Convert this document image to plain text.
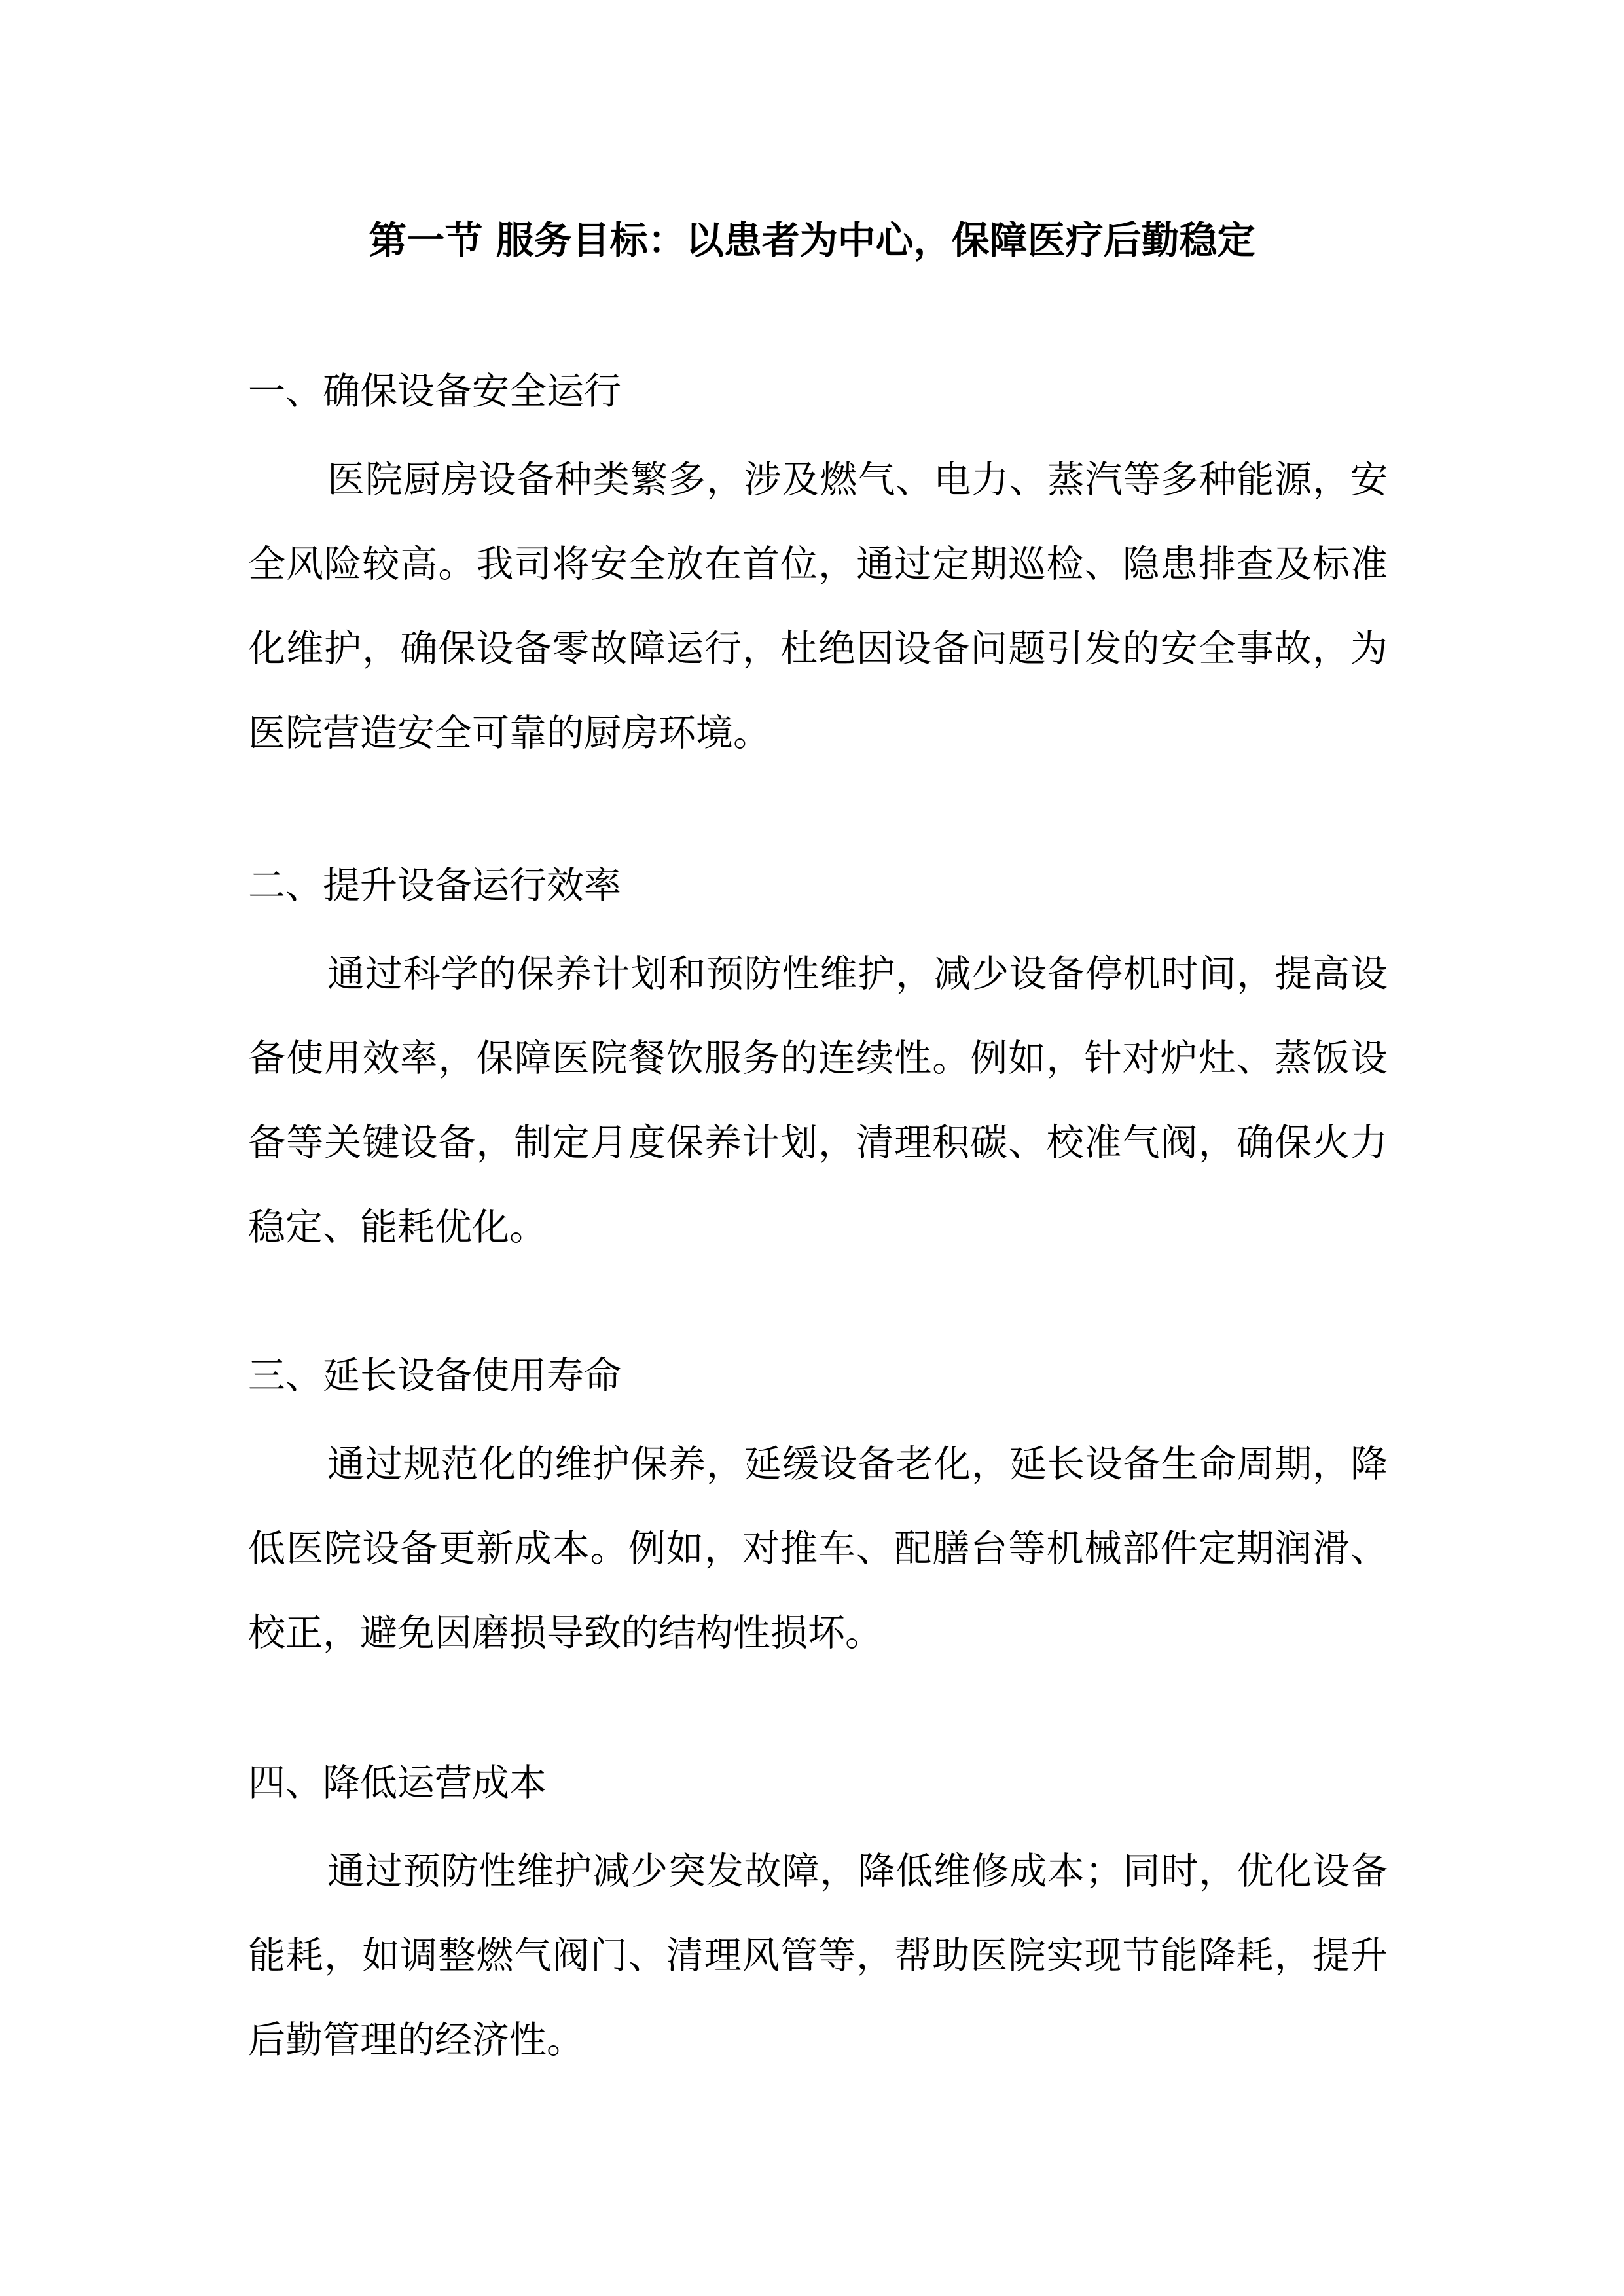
第一节 服务目标：以患者为中心，保障医疗后勤稳定
一、确保设备安全运行
医院厨房设备种类繁多，涉及燃气、电力、蒸汽等多种能源，安
全风险较高。我司将安全放在首位，通过定期巡检、隐患排查及标准
化维护，确保设备零故障运行，杜绝因设备问题引发的安全事故，为
医院营造安全可靠的厨房环境。
二、提升设备运行效率
通过科学的保养计划和预防性维护，减少设备停机时间，提高设
备使用效率，保障医院餐饮服务的连续性。例如，针对炉灶、蒸饭设
备等关键设备，制定月度保养计划，清理积碳、校准气阀，确保火力
稳定、能耗优化。
三、延长设备使用寿命
通过规范化的维护保养，延缓设备老化，延长设备生命周期，降
低医院设备更新成本。例如，对推车、配膳台等机械部件定期润滑、
校正，避免因磨损导致的结构性损坏。
四、降低运营成本
通过预防性维护减少突发故障，降低维修成本；同时，优化设备
能耗，如调整燃气阀门、清理风管等，帮助医院实现节能降耗，提升
后勤管理的经济性。
